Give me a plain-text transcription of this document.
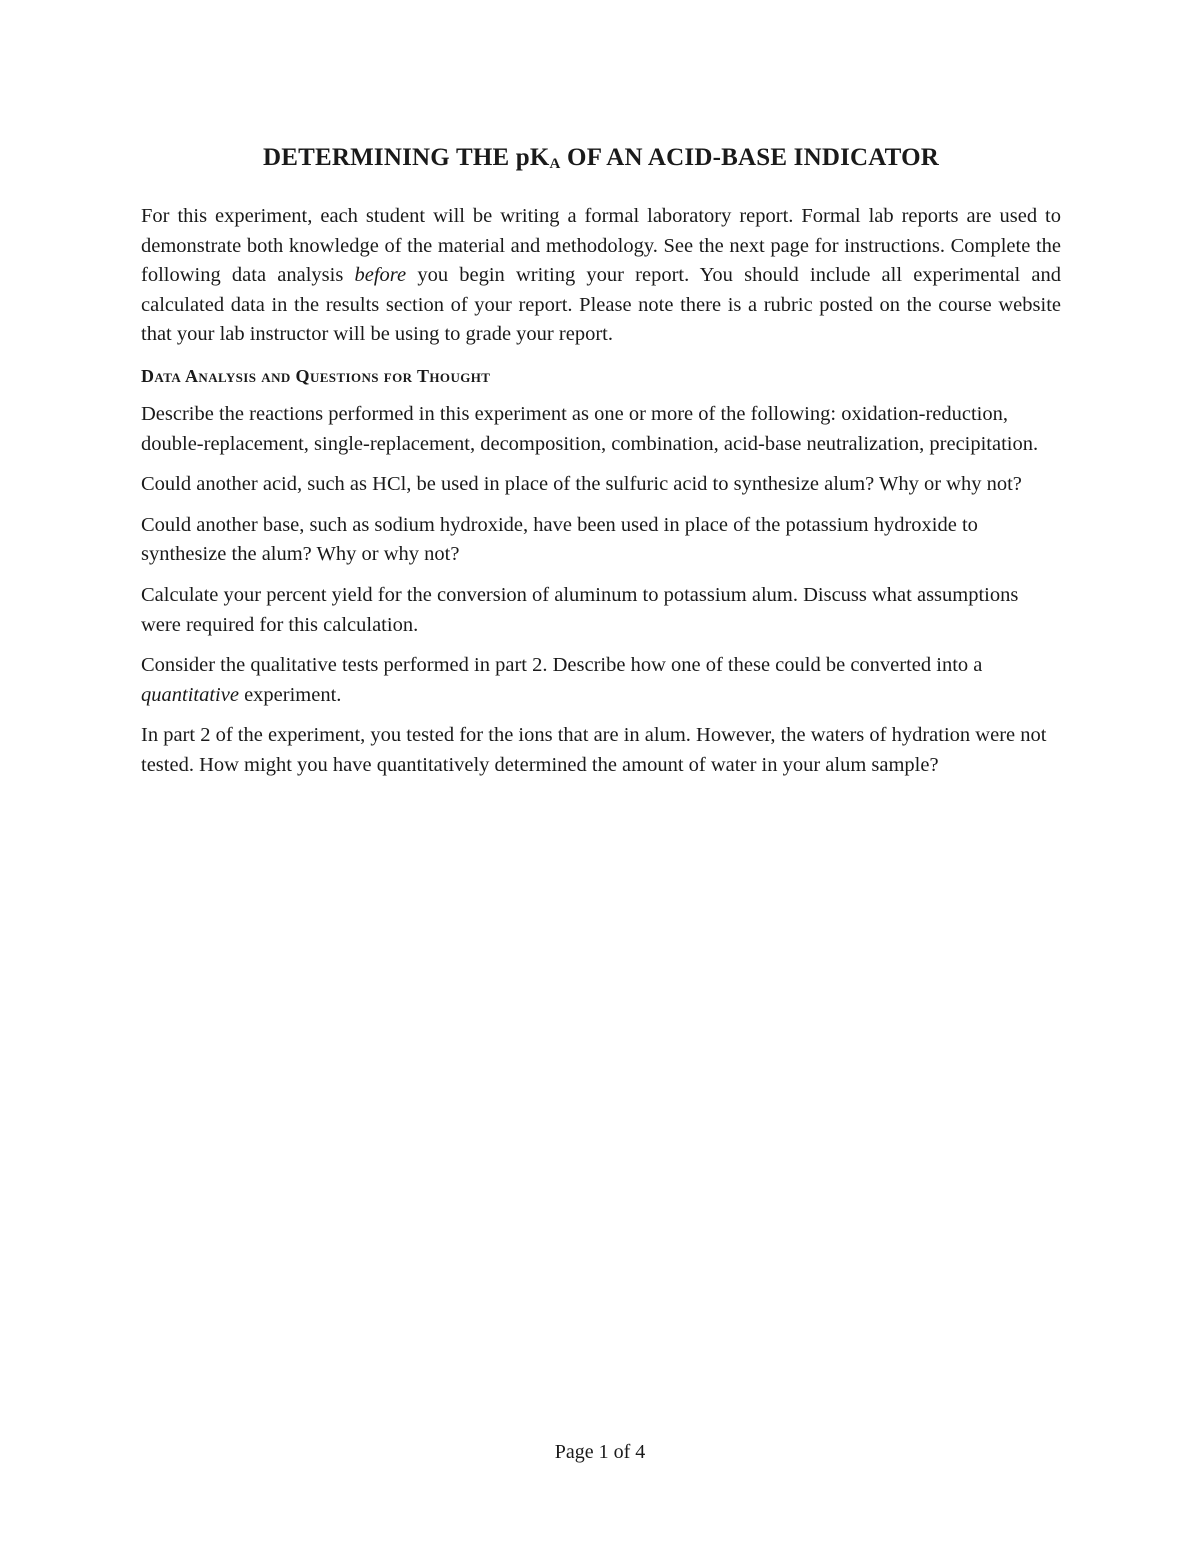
DETERMINING THE $pK_A$ OF AN ACID-BASE INDICATOR

For this experiment, each student will be writing a formal laboratory report. Formal lab reports are used to demonstrate both knowledge of the material and methodology. See the next page for instructions. Complete the following data analysis before you begin writing your report. You should include all experimental and calculated data in the results section of your report. Please note there is a rubric posted on the course website that your lab instructor will be using to grade your report.

Data Analysis and Questions for Thought

Describe the reactions performed in this experiment as one or more of the following: oxidation-reduction, double-replacement, single-replacement, decomposition, combination, acid-base neutralization, precipitation.

Could another acid, such as HCl, be used in place of the sulfuric acid to synthesize alum? Why or why not?

Could another base, such as sodium hydroxide, have been used in place of the potassium hydroxide to synthesize the alum? Why or why not?

Calculate your percent yield for the conversion of aluminum to potassium alum. Discuss what assumptions were required for this calculation.

Consider the qualitative tests performed in part 2. Describe how one of these could be converted into a quantitative experiment.

In part 2 of the experiment, you tested for the ions that are in alum. However, the waters of hydration were not tested. How might you have quantitatively determined the amount of water in your alum sample?

Page 1 of 4
